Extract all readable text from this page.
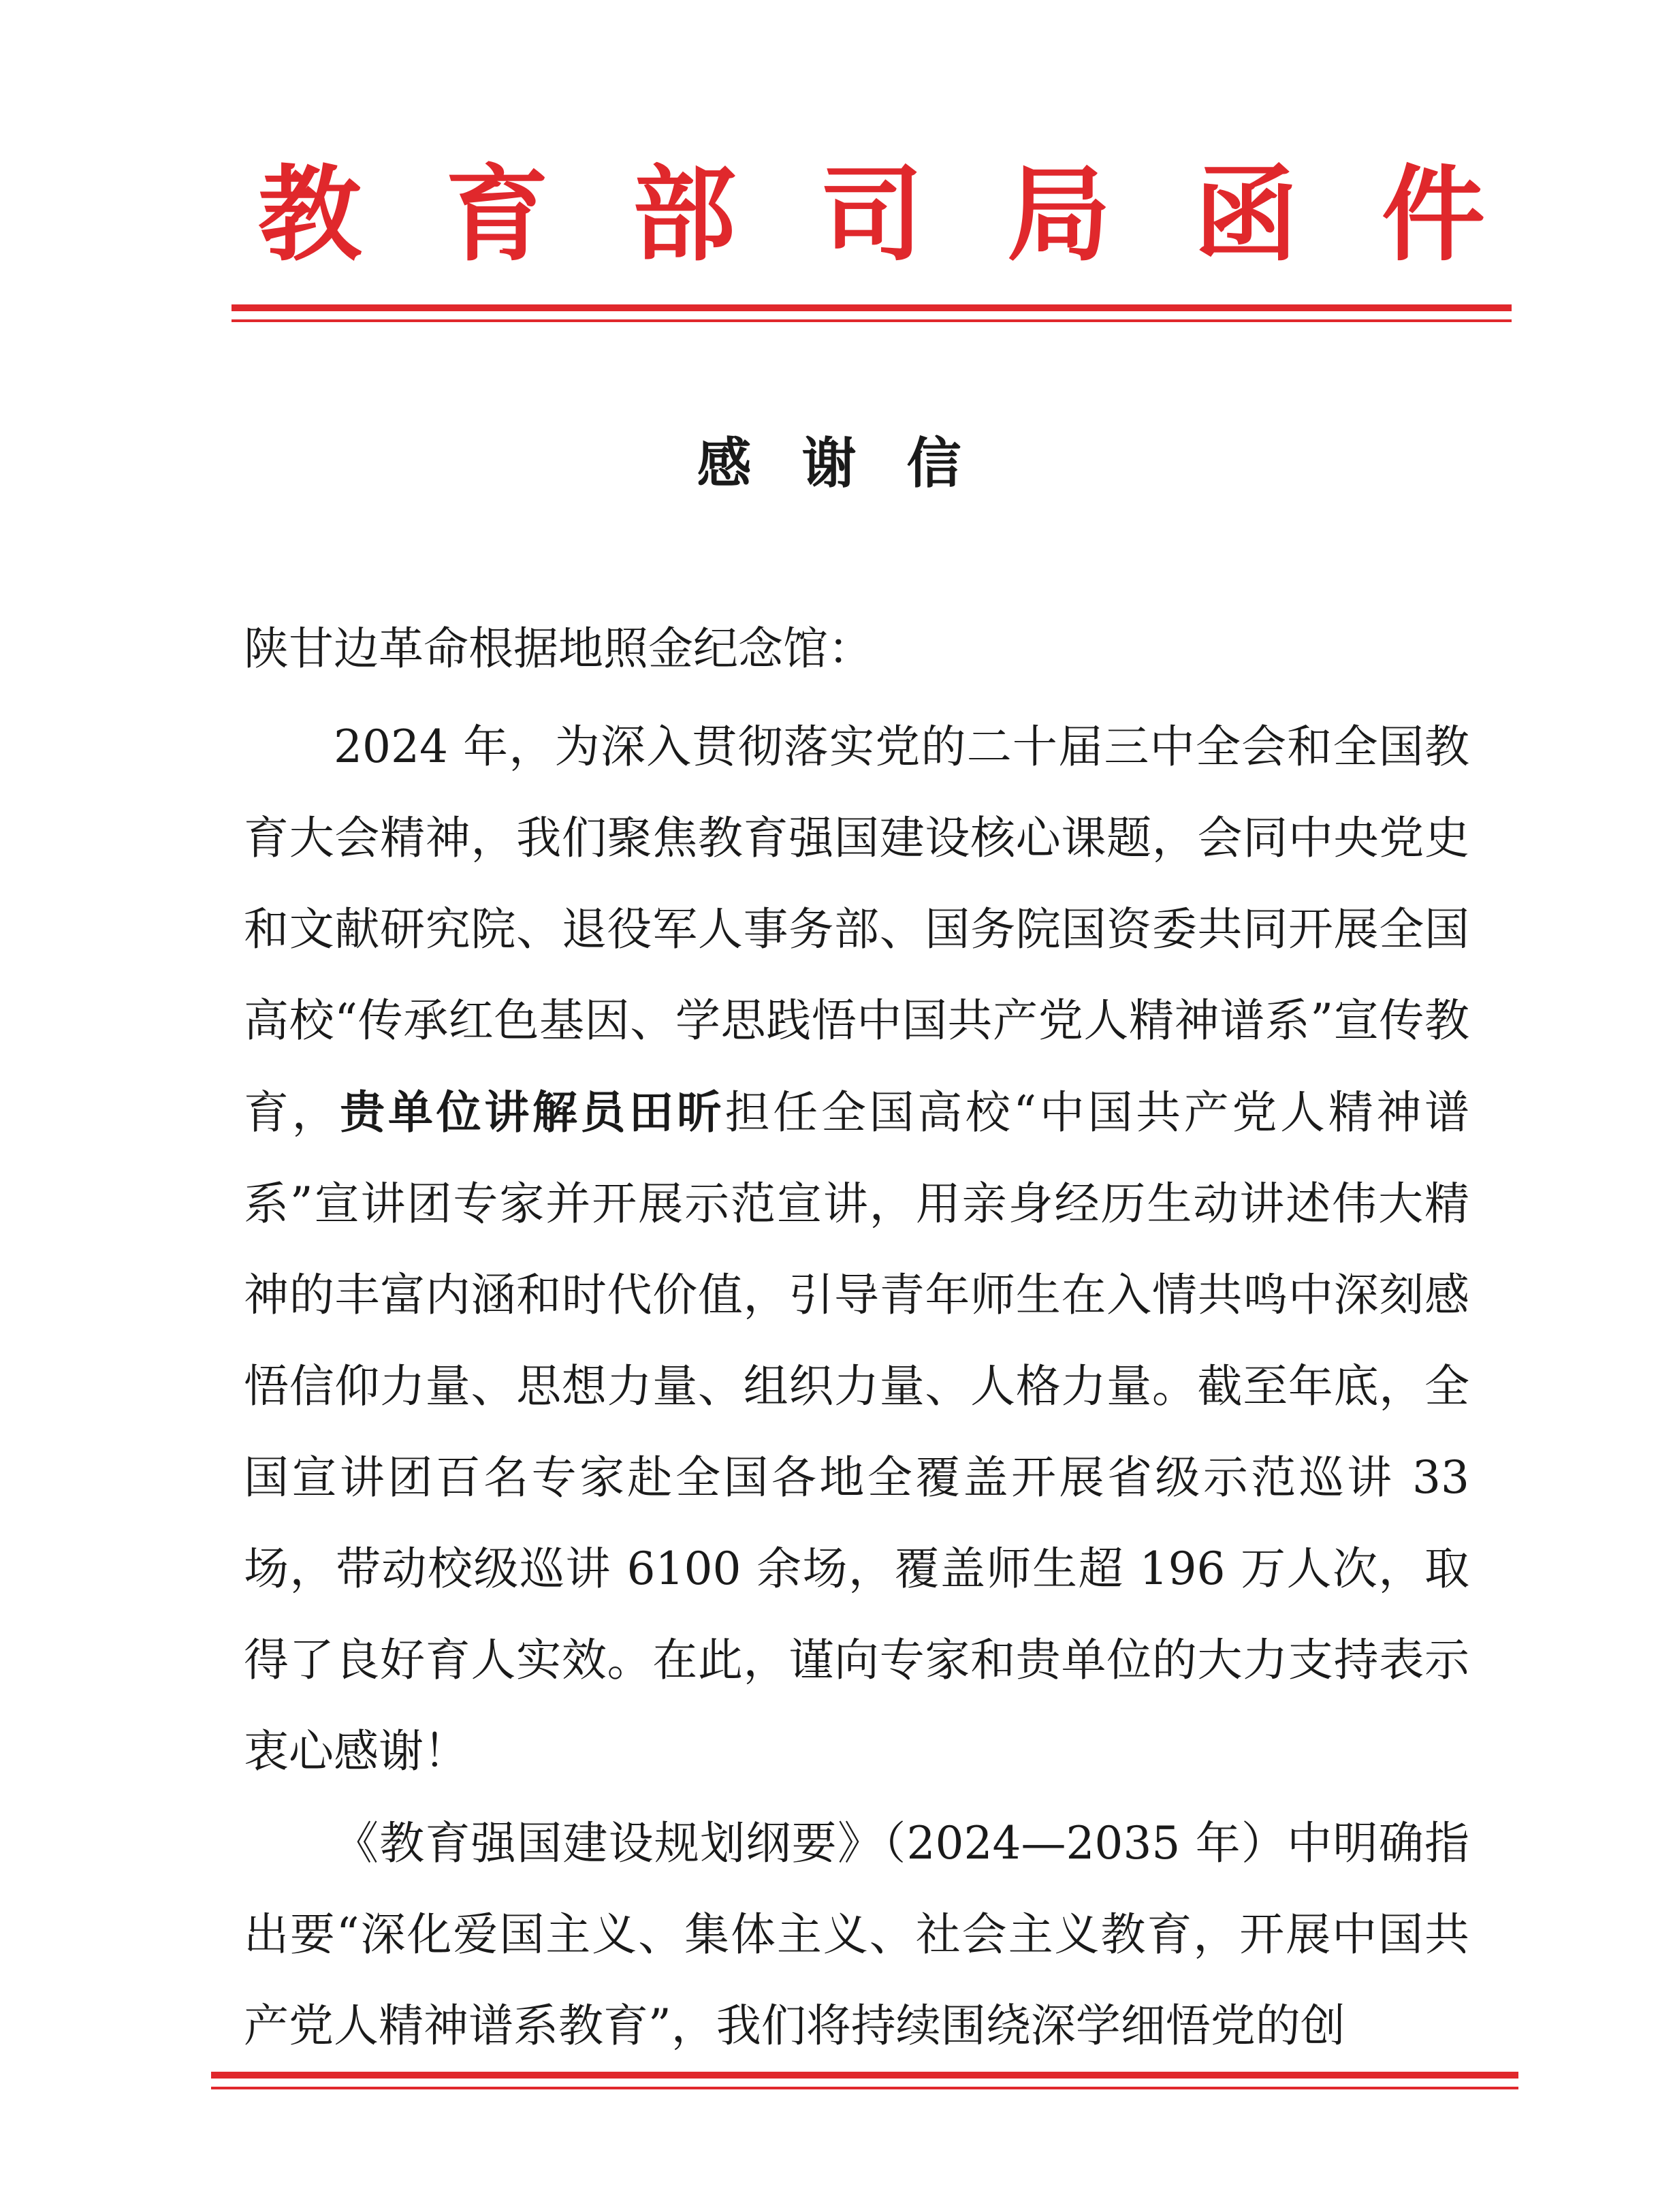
教 育 部 司 局 函 件
感谢信
陕甘边革命根据地照金纪念馆：

2024 年，为深入贯彻落实党的二十届三中全会和全国教育大会精神，我们聚焦教育强国建设核心课题，会同中央党史和文献研究院、退役军人事务部、国务院国资委共同开展全国高校“传承红色基因、学思践悟中国共产党人精神谱系”宣传教育，贵单位讲解员田昕担任全国高校“中国共产党人精神谱系”宣讲团专家并开展示范宣讲，用亲身经历生动讲述伟大精神的丰富内涵和时代价值，引导青年师生在入情共鸣中深刻感悟信仰力量、思想力量、组织力量、人格力量。截至年底，全国宣讲团百名专家赴全国各地全覆盖开展省级示范巡讲 33 场，带动校级巡讲 6100 余场，覆盖师生超 196 万人次，取得了良好育人实效。在此，谨向专家和贵单位的大力支持表示衷心感谢！

《教育强国建设规划纲要》（2024—2035 年）中明确指出要“深化爱国主义、集体主义、社会主义教育，开展中国共产党人精神谱系教育”，我们将持续围绕深学细悟党的创
